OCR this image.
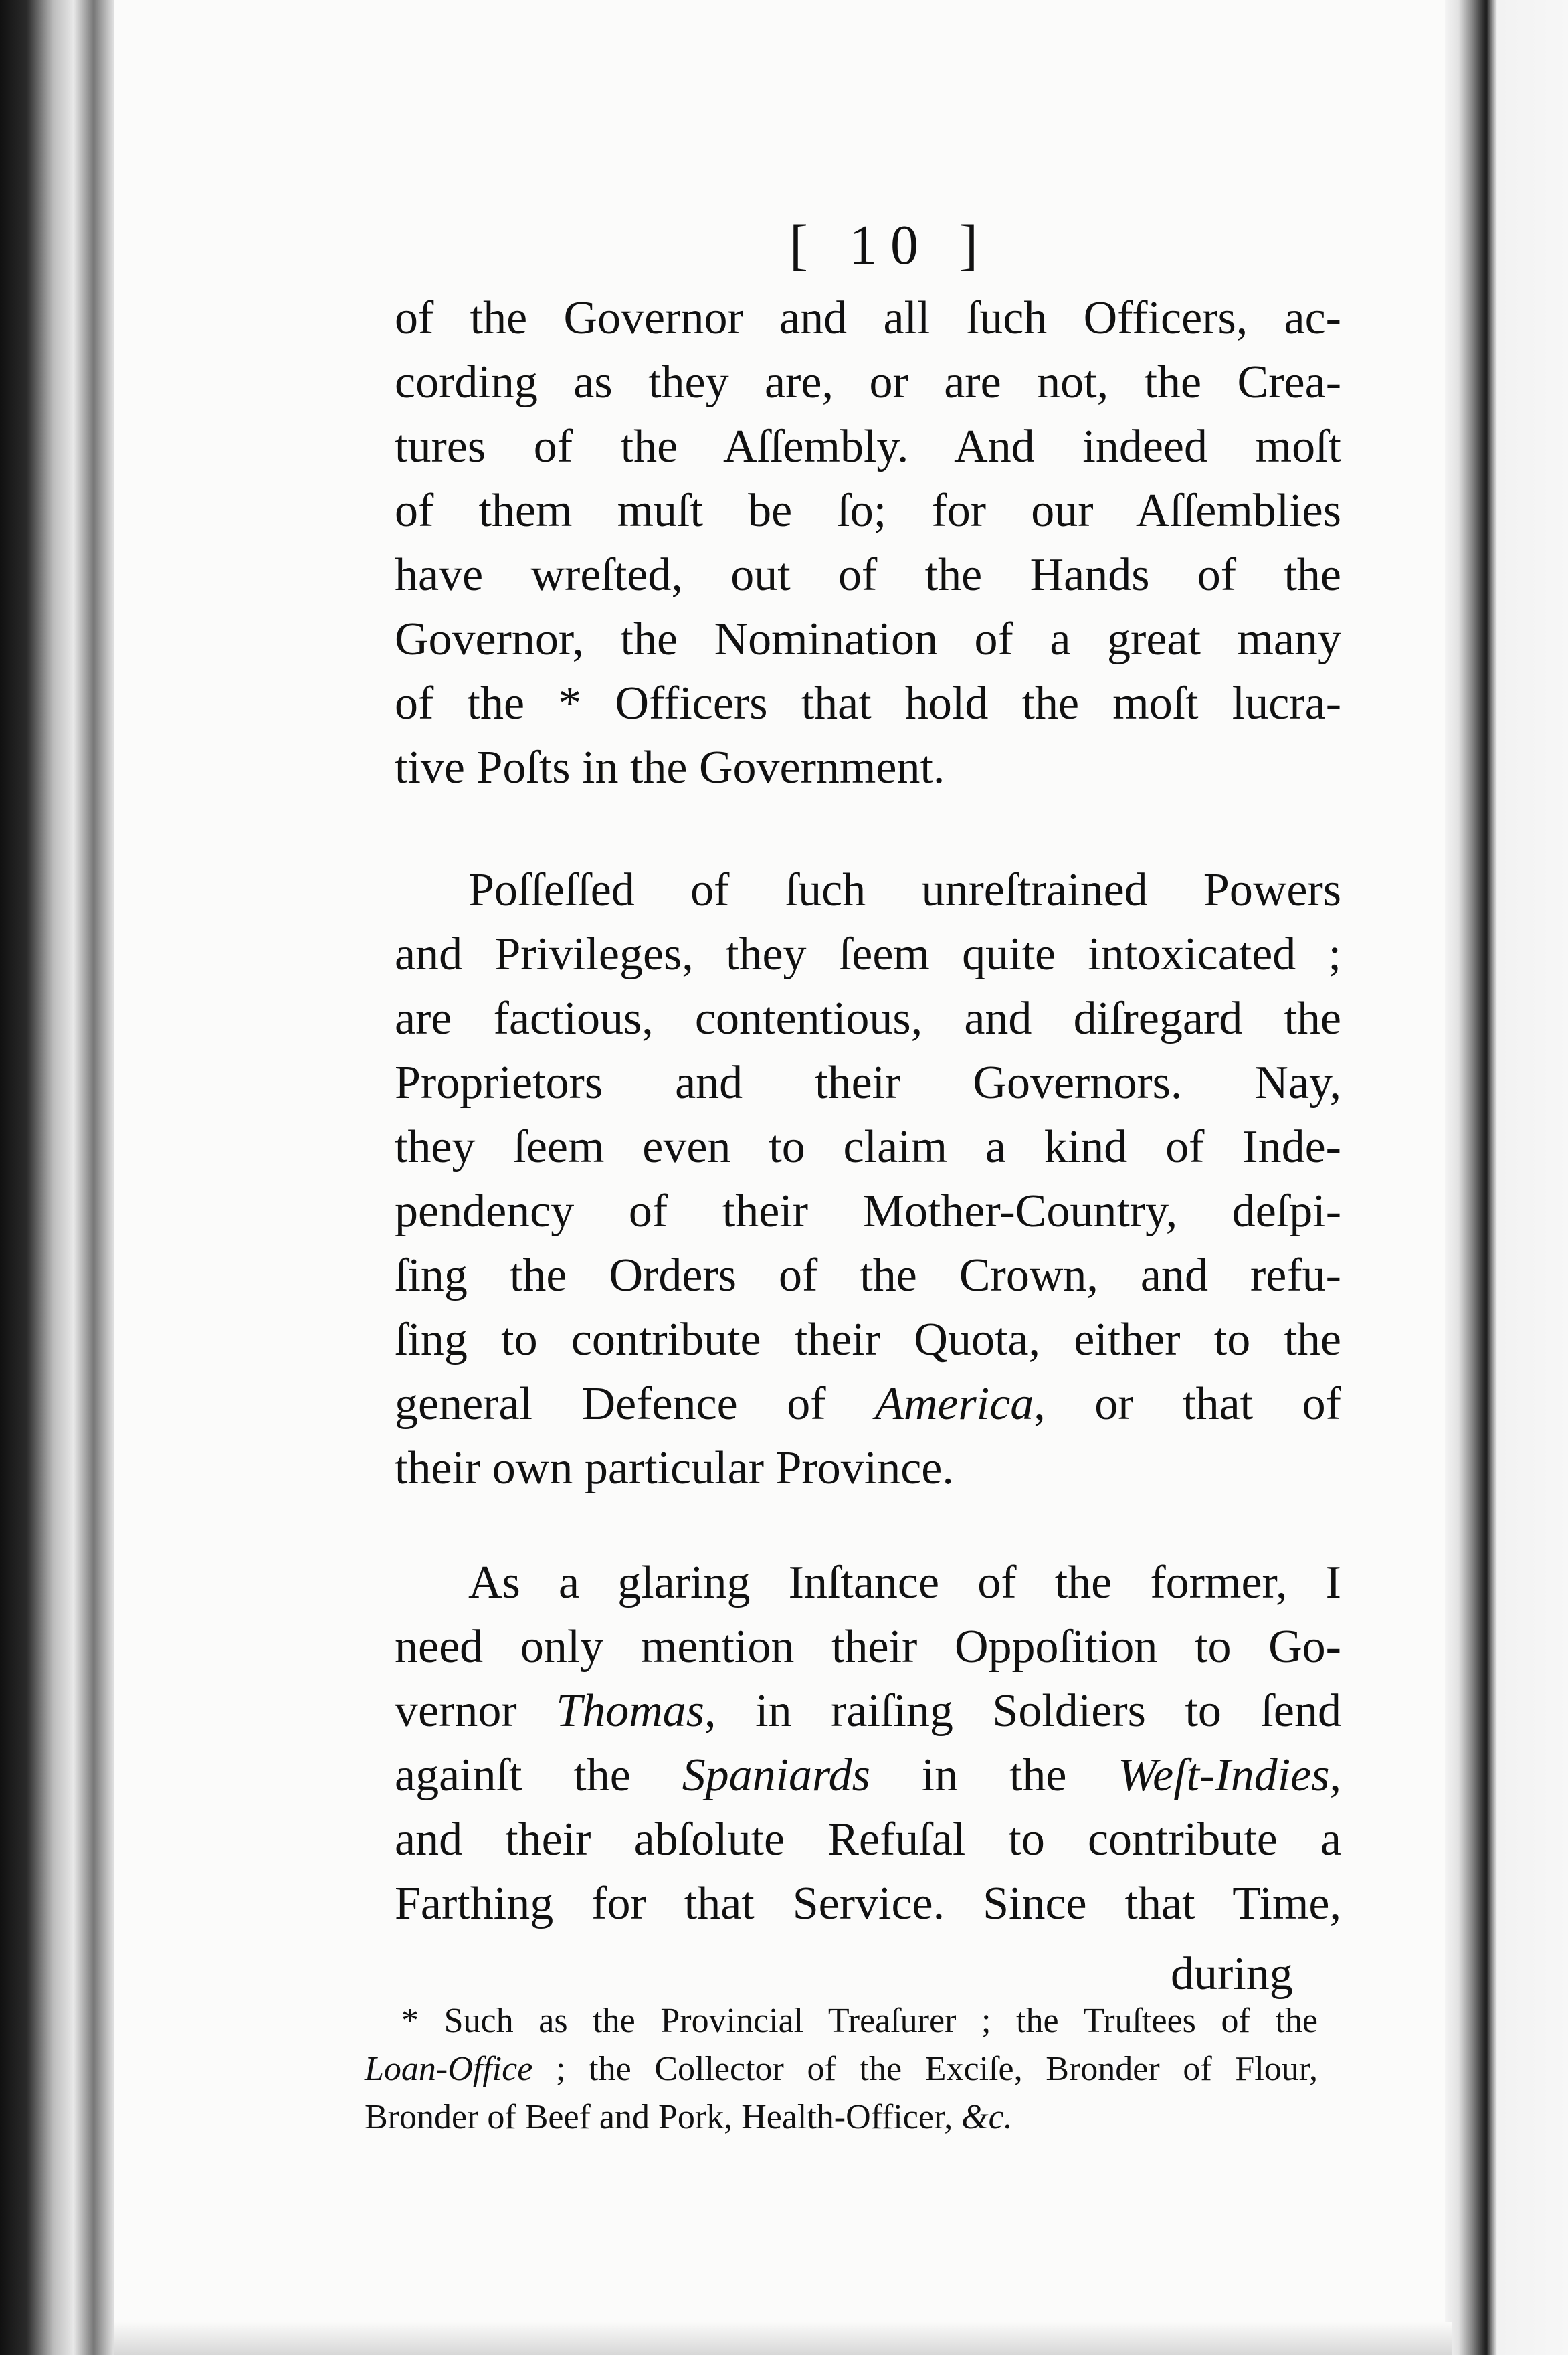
[ 10 ]
of the Governor and all ſuch Officers, ac-
cording as they are, or are not, the Crea-
tures of the Aſſembly. And indeed moſt
of them muſt be ſo; for our Aſſemblies
have wreſted, out of the Hands of the
Governor, the Nomination of a great many
of the * Officers that hold the moſt lucra-
tive Poſts in the Government.
Poſſeſſed of ſuch unreſtrained Powers
and Privileges, they ſeem quite intoxicated ;
are factious, contentious, and diſregard the
Proprietors and their Governors. Nay,
they ſeem even to claim a kind of Inde-
pendency of their Mother-Country, deſpi-
ſing the Orders of the Crown, and refu-
ſing to contribute their Quota, either to the
general Defence of America, or that of
their own particular Province.
As a glaring Inſtance of the former, I
need only mention their Oppoſition to Go-
vernor Thomas, in raiſing Soldiers to ſend
againſt the Spaniards in the Weſt-Indies,
and their abſolute Refuſal to contribute a
Farthing for that Service. Since that Time,
during
* Such as the Provincial Treaſurer ; the Truſtees of the
Loan-Office ; the Collector of the Exciſe, Bronder of Flour,
Bronder of Beef and Pork, Health-Officer, &c.
